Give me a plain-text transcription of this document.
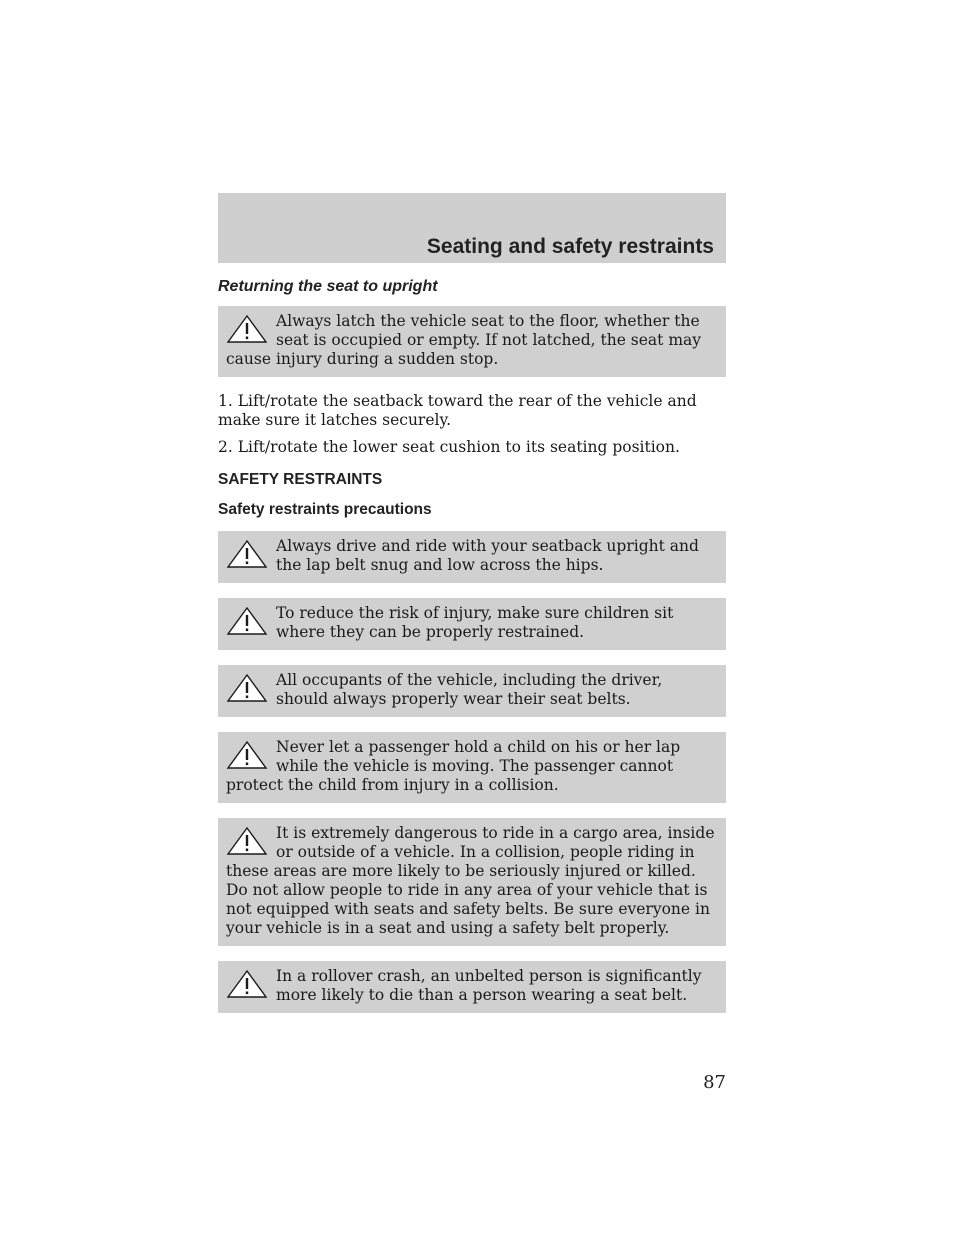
Seating and safety restraints
Returning the seat to upright
Always latch the vehicle seat to the floor, whether the seat is occupied or empty. If not latched, the seat may cause injury during a sudden stop.

1. Lift/rotate the seatback toward the rear of the vehicle and make sure it latches securely.

2. Lift/rotate the lower seat cushion to its seating position.

SAFETY RESTRAINTS
Safety restraints precautions
Always drive and ride with your seatback upright and the lap belt snug and low across the hips.
To reduce the risk of injury, make sure children sit where they can be properly restrained.
All occupants of the vehicle, including the driver, should always properly wear their seat belts.
Never let a passenger hold a child on his or her lap while the vehicle is moving. The passenger cannot protect the child from injury in a collision.
It is extremely dangerous to ride in a cargo area, inside or outside of a vehicle. In a collision, people riding in these areas are more likely to be seriously injured or killed. Do not allow people to ride in any area of your vehicle that is not equipped with seats and safety belts. Be sure everyone in your vehicle is in a seat and using a safety belt properly.
In a rollover crash, an unbelted person is significantly more likely to die than a person wearing a seat belt.
87
